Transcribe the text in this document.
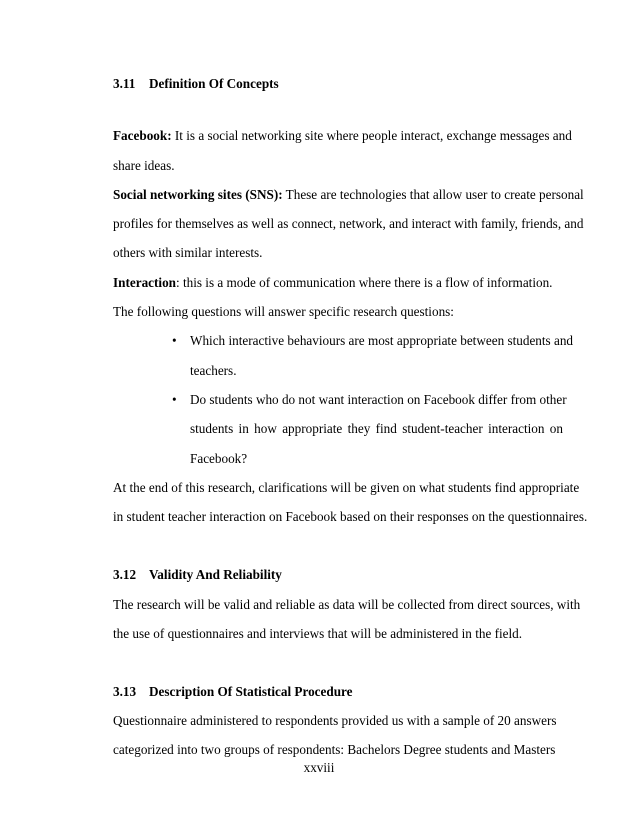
3.11 Definition Of Concepts
Facebook: It is a social networking site where people interact, exchange messages and
share ideas.
Social networking sites (SNS): These are technologies that allow user to create personal
profiles for themselves as well as connect, network, and interact with family, friends, and
others with similar interests.
Interaction: this is a mode of communication where there is a flow of information.
The following questions will answer specific research questions:
• Which interactive behaviours are most appropriate between students and
teachers.
• Do students who do not want interaction on Facebook differ from other
students in how appropriate they find student-teacher interaction on
Facebook?
At the end of this research, clarifications will be given on what students find appropriate
in student teacher interaction on Facebook based on their responses on the questionnaires.
3.12 Validity And Reliability
The research will be valid and reliable as data will be collected from direct sources, with
the use of questionnaires and interviews that will be administered in the field.
3.13 Description Of Statistical Procedure
Questionnaire administered to respondents provided us with a sample of 20 answers
categorized into two groups of respondents: Bachelors Degree students and Masters
xxviii
